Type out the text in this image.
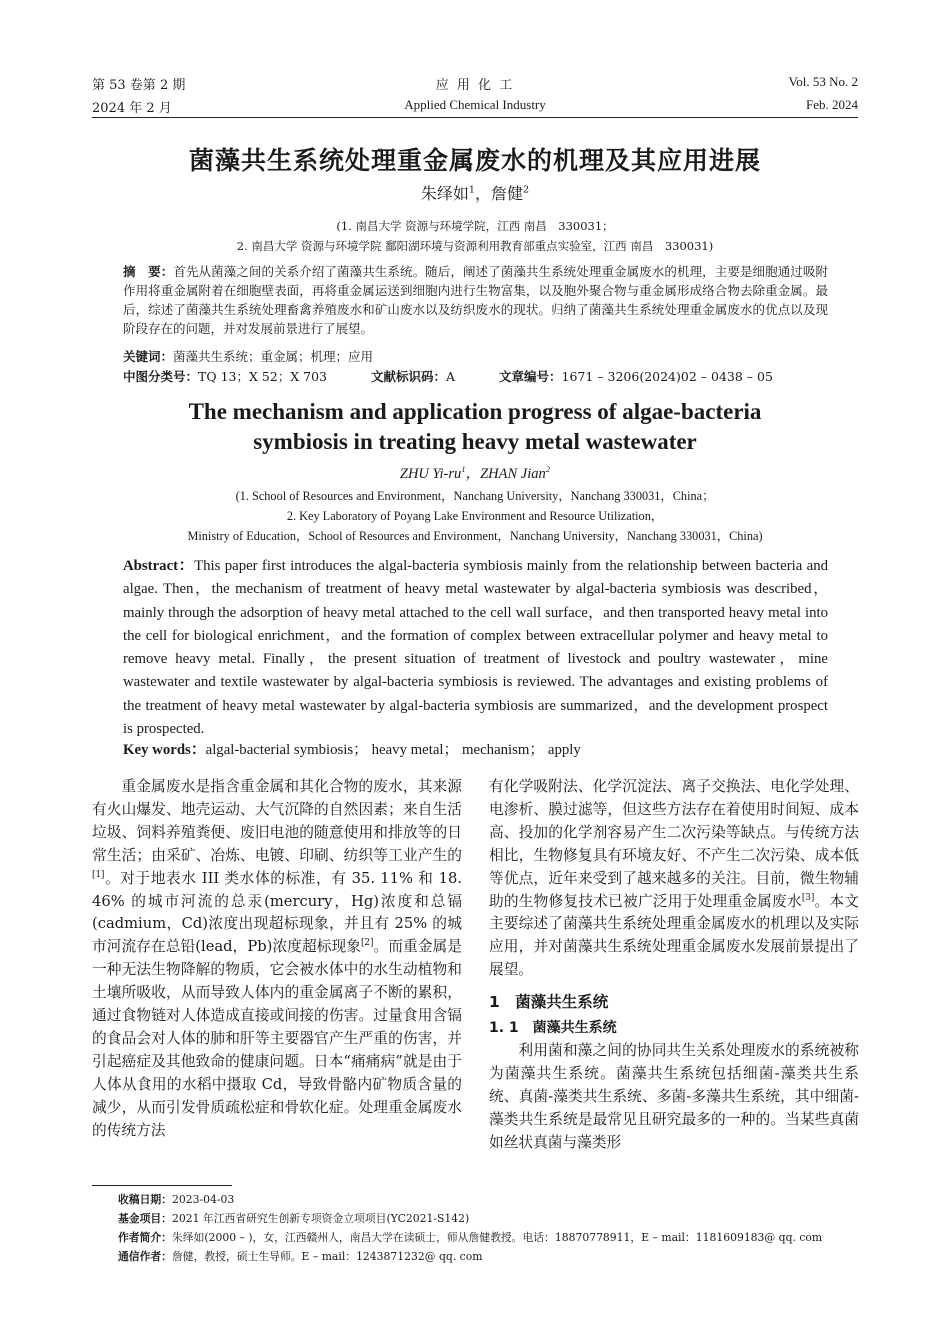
第 53 卷第 2 期
2024 年 2 月
应 用 化 工
Applied Chemical Industry
Vol. 53 No. 2
Feb. 2024
菌藻共生系统处理重金属废水的机理及其应用进展
朱绎如$^1$，詹健$^2$
(1. 南昌大学 资源与环境学院，江西 南昌　330031；
2. 南昌大学 资源与环境学院 鄱阳湖环境与资源利用教育部重点实验室，江西 南昌　330031)
摘　要：首先从菌藻之间的关系介绍了菌藻共生系统。随后，阐述了菌藻共生系统处理重金属废水的机理，主要是细胞通过吸附作用将重金属附着在细胞壁表面，再将重金属运送到细胞内进行生物富集，以及胞外聚合物与重金属形成络合物去除重金属。最后，综述了菌藻共生系统处理畜禽养殖废水和矿山废水以及纺织废水的现状。归纳了菌藻共生系统处理重金属废水的优点以及现阶段存在的问题，并对发展前景进行了展望。
关键词：菌藻共生系统；重金属；机理；应用
中图分类号：TQ 13；X 52；X 703	文献标识码：A	文章编号：1671 – 3206(2024)02 – 0438 – 05
The mechanism and application progress of algae-bacteria
symbiosis in treating heavy metal wastewater
ZHU $Yi-ru^1$，ZHAN Jian$^2$
(1. School of Resources and Environment，Nanchang University，Nanchang 330031，China；
2. Key Laboratory of Poyang Lake Environment and Resource Utilization，
Ministry of Education，School of Resources and Environment，Nanchang University，Nanchang 330031，China)
Abstract：This paper first introduces the algal-bacteria symbiosis mainly from the relationship between bacteria and algae. Then，the mechanism of treatment of heavy metal wastewater by algal-bacteria symbiosis was described，mainly through the adsorption of heavy metal attached to the cell wall surface，and then transported heavy metal into the cell for biological enrichment，and the formation of complex between extracellular polymer and heavy metal to remove heavy metal. Finally，the present situation of treatment of livestock and poultry wastewater，mine wastewater and textile wastewater by algal-bacteria symbiosis is reviewed. The advantages and existing problems of the treatment of heavy metal wastewater by algal-bacteria symbiosis are summarized，and the development prospect is prospected.
Key words：algal-bacterial symbiosis； heavy metal； mechanism； apply

重金属废水是指含重金属和其化合物的废水，其来源有火山爆发、地壳运动、大气沉降的自然因素；来自生活垃圾、饲料养殖粪便、废旧电池的随意使用和排放等的日常生活；由采矿、冶炼、电镀、印刷、纺织等工业产生的[1]。对于地表水 III 类水体的标准，有 35. 11% 和 18. 46% 的城市河流的总汞(mercury，Hg)浓度和总镉(cadmium，Cd)浓度出现超标现象，并且有 25% 的城市河流存在总铅(lead，Pb)浓度超标现象[2]。而重金属是一种无法生物降解的物质，它会被水体中的水生动植物和土壤所吸收，从而导致人体内的重金属离子不断的累积，通过食物链对人体造成直接或间接的伤害。过量食用含镉的食品会对人体的肺和肝等主要器官产生严重的伤害，并引起癌症及其他致命的健康问题。日本“痛痛病”就是由于人体从食用的水稻中摄取 Cd，导致骨骼内矿物质含量的减少，从而引发骨质疏松症和骨软化症。处理重金属废水的传统方法

有化学吸附法、化学沉淀法、离子交换法、电化学处理、电渗析、膜过滤等，但这些方法存在着使用时间短、成本高、投加的化学剂容易产生二次污染等缺点。与传统方法相比，生物修复具有环境友好、不产生二次污染、成本低等优点，近年来受到了越来越多的关注。目前，微生物辅助的生物修复技术已被广泛用于处理重金属废水[3]。本文主要综述了菌藻共生系统处理重金属废水的机理以及实际应用，并对菌藻共生系统处理重金属废水发展前景提出了展望。
1　菌藻共生系统
1. 1　菌藻共生系统

利用菌和藻之间的协同共生关系处理废水的系统被称为菌藻共生系统。菌藻共生系统包括细菌-藻类共生系统、真菌-藻类共生系统、多菌-多藻共生系统，其中细菌-藻类共生系统是最常见且研究最多的一种的。当某些真菌如丝状真菌与藻类形

收稿日期：2023-04-03
基金项目：2021 年江西省研究生创新专项资金立项项目(YC2021-S142)
作者简介：朱绎如(2000 – )，女，江西赣州人，南昌大学在读硕士，师从詹健教授。电话：18870778911，E – mail：1181609183@ qq. com
通信作者：詹健，教授，硕士生导师。E – mail：1243871232@ qq. com
